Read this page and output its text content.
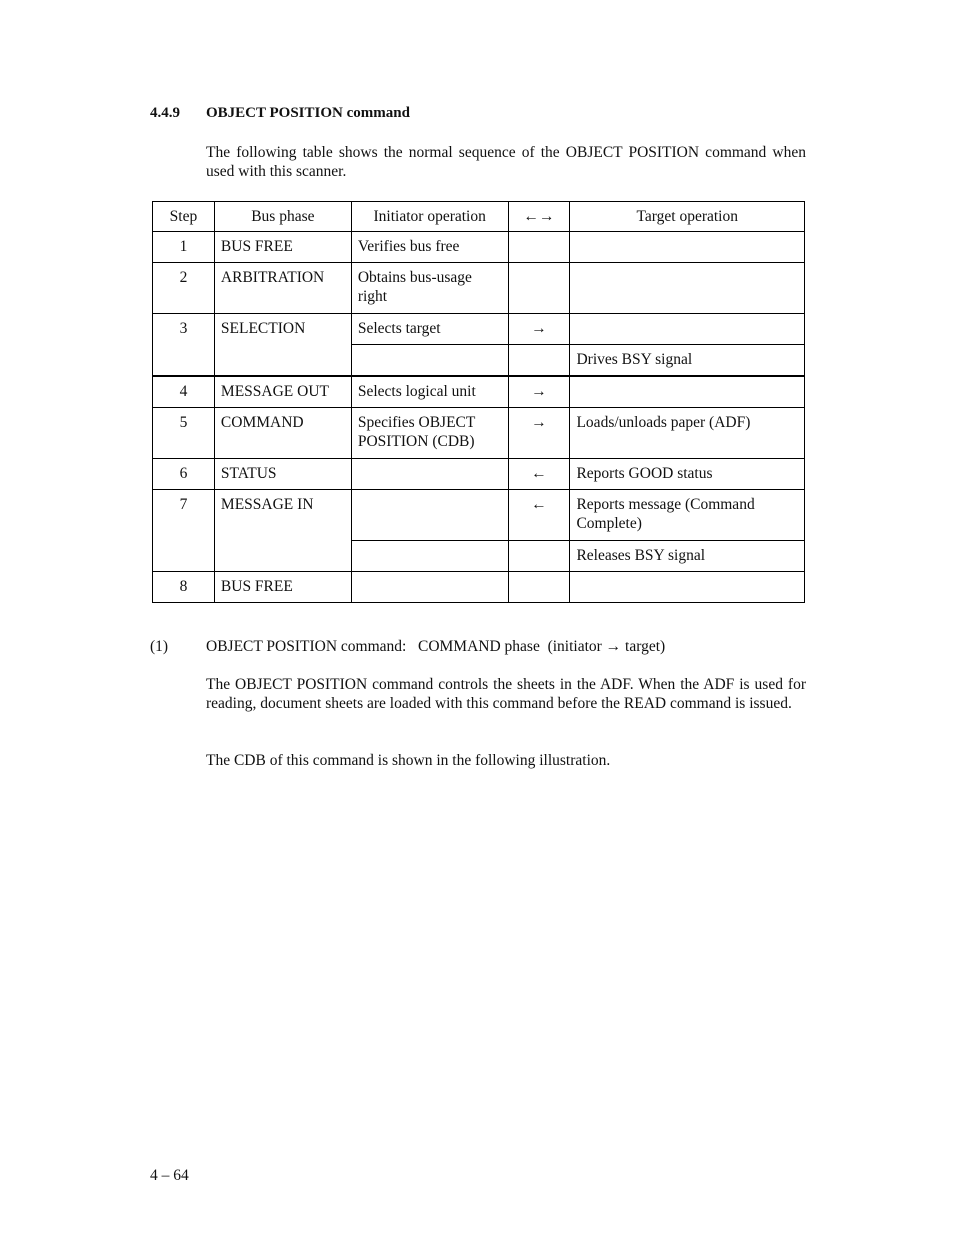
4.4.9 OBJECT POSITION command
The following table shows the normal sequence of the OBJECT POSITION command when used with this scanner.
Step	Bus phase	Initiator operation	←→	Target operation
1	BUS FREE	Verifies bus free		
2	ARBITRATION	Obtains bus-usage right		
3	SELECTION	Selects target	→	
				Drives BSY signal
4	MESSAGE OUT	Selects logical unit	→	
5	COMMAND	Specifies OBJECT POSITION (CDB)	→	Loads/unloads paper (ADF)
6	STATUS		←	Reports GOOD status
7	MESSAGE IN		←	Reports message (Command Complete)
				Releases BSY signal
8	BUS FREE			
(1) OBJECT POSITION command:   COMMAND phase  (initiator → target)
The OBJECT POSITION command controls the sheets in the ADF. When the ADF is used for reading, document sheets are loaded with this command before the READ command is issued.
The CDB of this command is shown in the following illustration.
4 – 64
